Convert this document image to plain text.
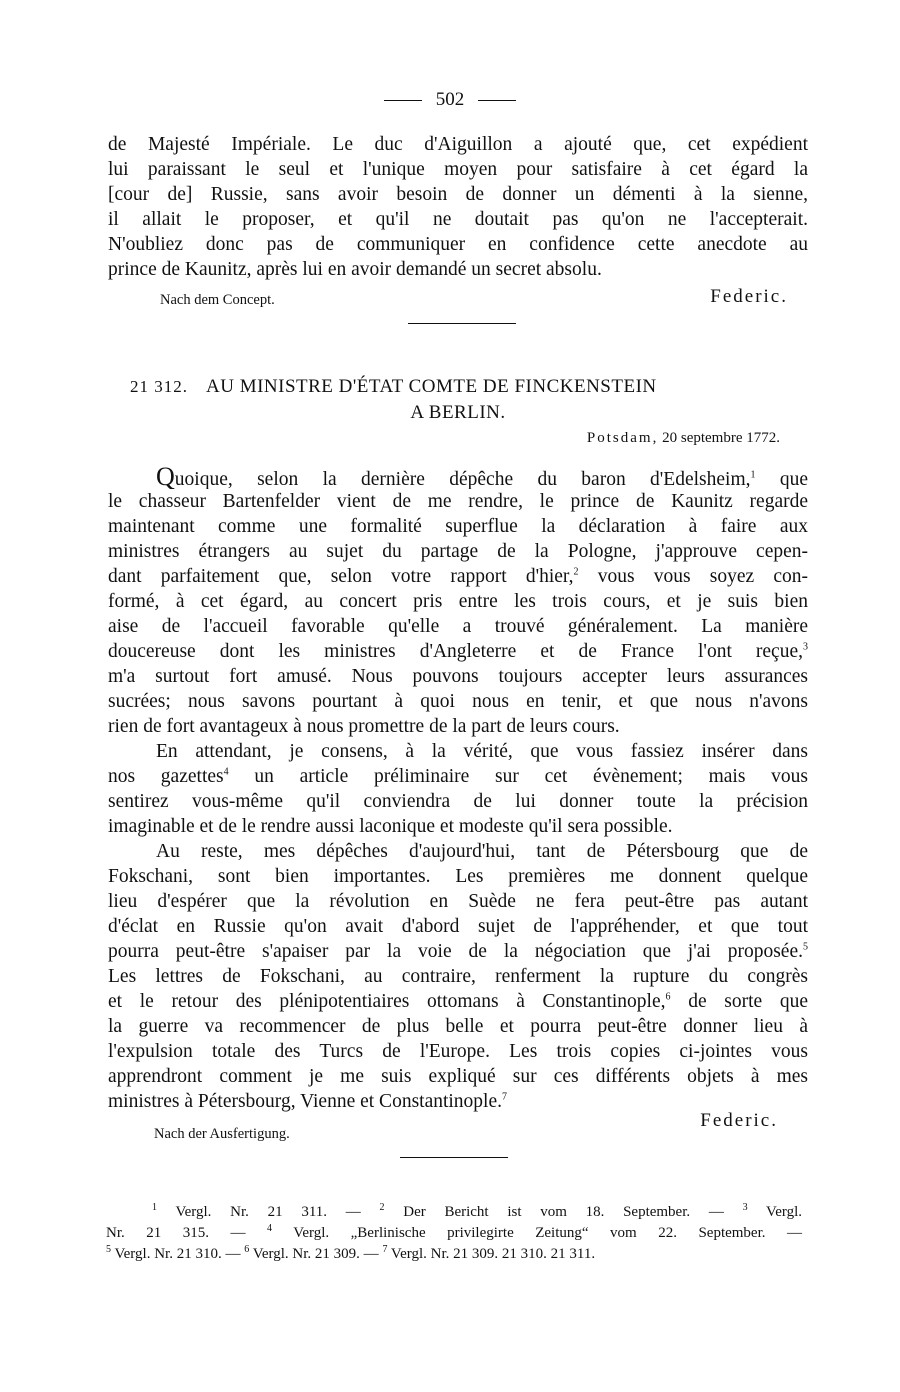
502
de Majesté Impériale. Le duc d'Aiguillon a ajouté que, cet expédient
lui paraissant le seul et l'unique moyen pour satisfaire à cet égard la
[cour de] Russie, sans avoir besoin de donner un démenti à la sienne,
il allait le proposer, et qu'il ne doutait pas qu'on ne l'accepterait.
N'oubliez donc pas de communiquer en confidence cette anecdote au
prince de Kaunitz, après lui en avoir demandé un secret absolu.
Nach dem Concept.	Federic.
21 312. AU MINISTRE D'ÉTAT COMTE DE FINCKENSTEIN
A BERLIN.
Potsdam, 20 septembre 1772.
Quoique, selon la dernière dépêche du baron d'Edelsheim,$^1$ que
le chasseur Bartenfelder vient de me rendre, le prince de Kaunitz regarde
maintenant comme une formalité superflue la déclaration à faire aux
ministres étrangers au sujet du partage de la Pologne, j'approuve cepen-
dant parfaitement que, selon votre rapport d'hier,$^2$ vous vous soyez con-
formé, à cet égard, au concert pris entre les trois cours, et je suis bien
aise de l'accueil favorable qu'elle a trouvé généralement. La manière
doucereuse dont les ministres d'Angleterre et de France l'ont reçue,$^3$
m'a surtout fort amusé. Nous pouvons toujours accepter leurs assurances
sucrées; nous savons pourtant à quoi nous en tenir, et que nous n'avons
rien de fort avantageux à nous promettre de la part de leurs cours.
En attendant, je consens, à la vérité, que vous fassiez insérer dans
nos gazettes$^4$ un article préliminaire sur cet évènement; mais vous
sentirez vous-même qu'il conviendra de lui donner toute la précision
imaginable et de le rendre aussi laconique et modeste qu'il sera possible.
Au reste, mes dépêches d'aujourd'hui, tant de Pétersbourg que de
Fokschani, sont bien importantes. Les premières me donnent quelque
lieu d'espérer que la révolution en Suède ne fera peut-être pas autant
d'éclat en Russie qu'on avait d'abord sujet de l'appréhender, et que tout
pourra peut-être s'apaiser par la voie de la négociation que j'ai proposée.$^5$
Les lettres de Fokschani, au contraire, renferment la rupture du congrès
et le retour des plénipotentiaires ottomans à Constantinople,$^6$ de sorte que
la guerre va recommencer de plus belle et pourra peut-être donner lieu à
l'expulsion totale des Turcs de l'Europe. Les trois copies ci-jointes vous
apprendront comment je me suis expliqué sur ces différents objets à mes
ministres à Pétersbourg, Vienne et Constantinople.$^7$
Nach der Ausfertigung.
Federic.
$^1$ Vergl. Nr. 21 311. — $^2$ Der Bericht ist vom 18. September. — $^3$ Vergl.
Nr. 21 315. — $^4$ Vergl. „Berlinische privilegirte Zeitung“ vom 22. September. —
$^5$ Vergl. Nr. 21 310. — $^6$ Vergl. Nr. 21 309. — $^7$ Vergl. Nr. 21 309. 21 310. 21 311.
